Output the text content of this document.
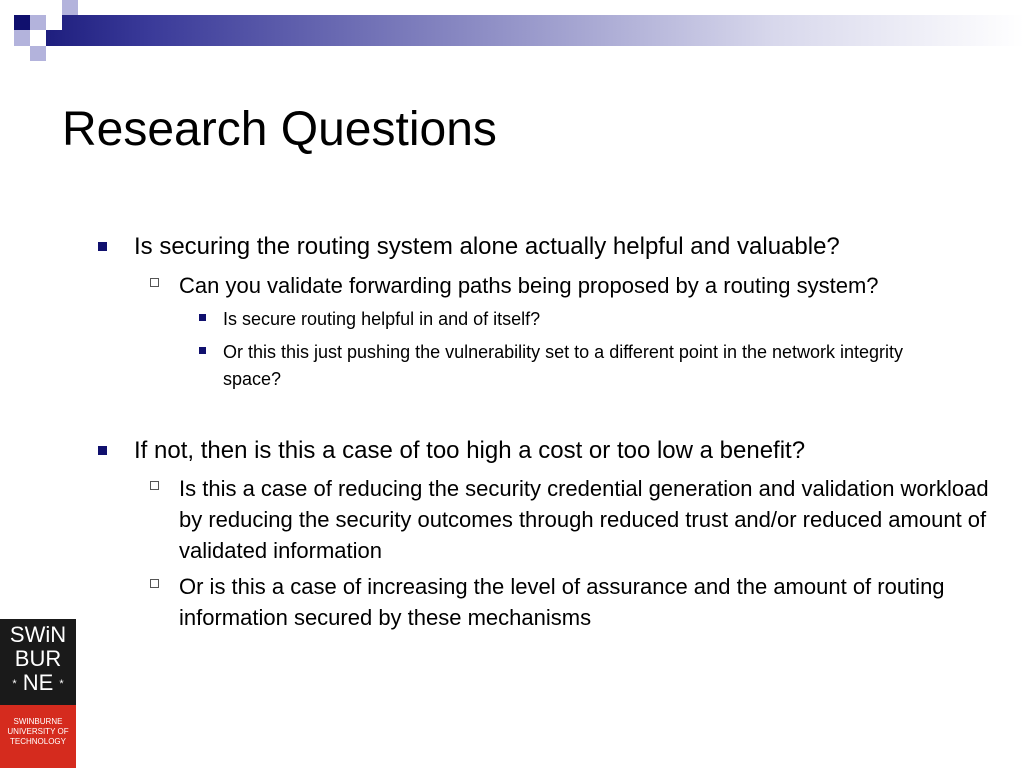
Research Questions
Is securing the routing system alone actually helpful and valuable?
Can you validate forwarding paths being proposed by a routing system?
Is secure routing helpful in and of itself?
Or this this just pushing the vulnerability set to a different point in the network integrity space?
If not, then is this a case of too high a cost or too low a benefit?
Is this a case of reducing the security credential generation and validation workload by reducing the security outcomes through reduced trust and/or reduced amount of validated information
Or is this a case of increasing the level of assurance and the amount of routing information secured by these mechanisms
SWiN
BUR
* NE *
SWINBURNE
UNIVERSITY OF
TECHNOLOGY
